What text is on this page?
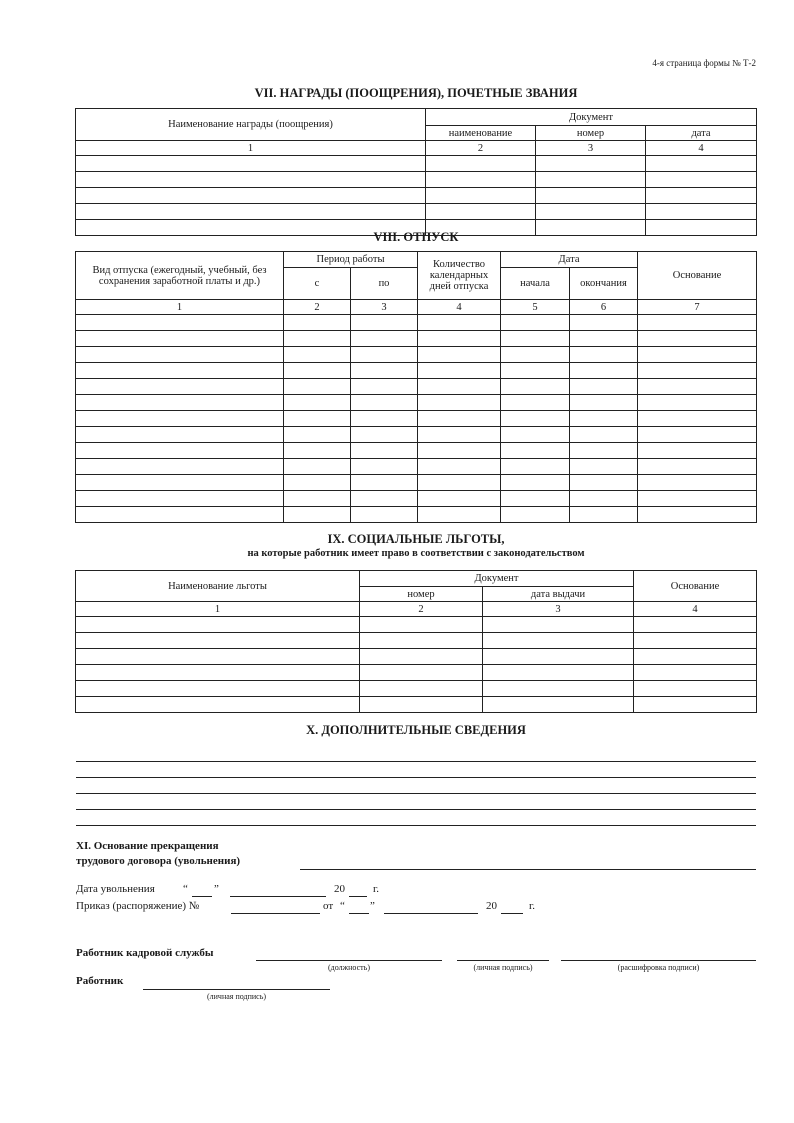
4-я страница формы № Т-2
VII. НАГРАДЫ (ПООЩРЕНИЯ), ПОЧЕТНЫЕ ЗВАНИЯ
Наименование награды (поощрения)	Документ		
	наименование	номер	дата
1	2	3	4

VIII. ОТПУСК
Вид отпуска (ежегодный, учебный, без сохранения заработной платы и др.)	Период работы		Количество календарных дней отпуска	Дата		Основание
	с	по		начала	окончания	
1	2	3	4	5	6	7

IX. СОЦИАЛЬНЫЕ ЛЬГОТЫ,
на которые работник имеет право в соответствии с законодательством
Наименование льготы	Документ		Основание
	номер	дата выдачи	
1	2	3	4

X. ДОПОЛНИТЕЛЬНЫЕ СВЕДЕНИЯ
XI. Основание прекращения
трудового договора (увольнения)
Дата увольнения	“ ”	20	г.
Приказ (распоряжение) №	от “ ”	20	г.
Работник кадровой службы
(должность)	(личная подпись)	(расшифровка подписи)
Работник
(личная подпись)
